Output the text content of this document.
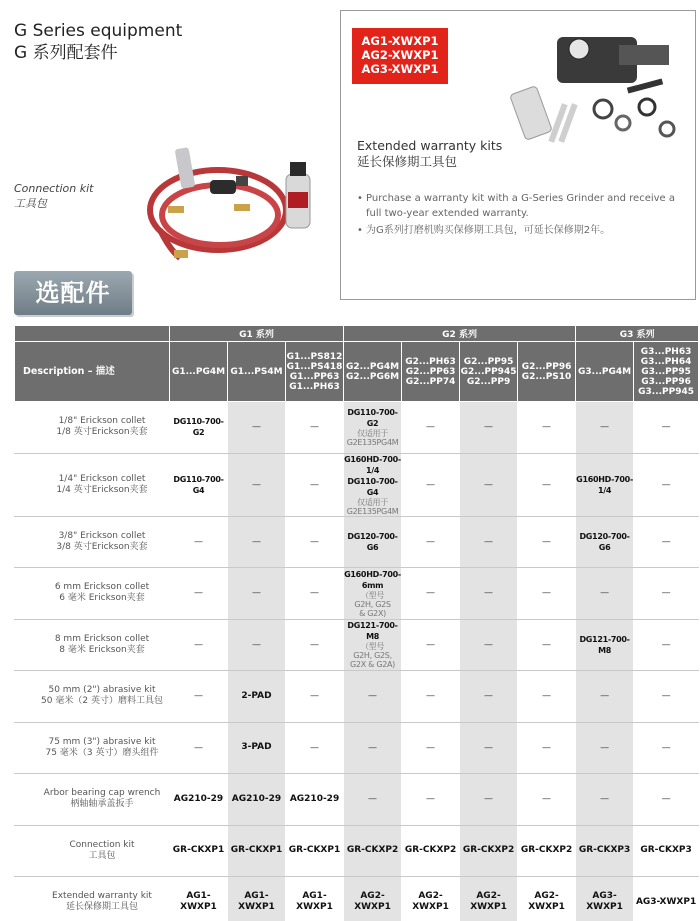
G Series equipment
G 系列配套件
Connection kit
工具包
AG1-XWXP1
AG2-XWXP1
AG3-XWXP1
Extended warranty kits
延长保修期工具包
• Purchase a warranty kit with a G-Series Grinder and receive a full two-year extended warranty.
• 为G系列打磨机购买保修期工具包，可延长保修期2年。
选配件
	G1 系列			G2 系列				G3 系列	
Description – 描述	G1...PG4M	G1...PS4M	G1...PS812
G1...PS418
G1...PP63
G1...PH63	G2...PG4M
G2...PG6M	G2...PH63
G2...PP63
G2...PP74	G2...PP95
G2...PP945
G2...PP9	G2...PP96
G2...PS10	G3...PG4M	G3...PH63
G3...PH64
G3...PP95
G3...PP96
G3...PP945

1/8" Erickson collet
1/8 英寸Erickson夹套	DG110-700-G2	—	—	DG110-700-G2
仅适用于
G2E135PG4M	—	—	—	—	—

1/4" Erickson collet
1/4 英寸Erickson夹套	DG110-700-G4	—	—	G160HD-700-1/4
DG110-700-G4
仅适用于
G2E135PG4M	—	—	—	G160HD-700-1/4	—

3/8" Erickson collet
3/8 英寸Erickson夹套	—	—	—	DG120-700-G6	—	—	—	DG120-700-G6	—

6 mm Erickson collet
6 毫米 Erickson夹套	—	—	—	G160HD-700-6mm
（型号
G2H, G2S
& G2X)	—	—	—	—	—

8 mm Erickson collet
8 毫米 Erickson夹套	—	—	—	DG121-700-M8
（型号
G2H, G2S,
G2X & G2A)	—	—	—	DG121-700-M8	—

50 mm (2") abrasive kit
50 毫米（2 英寸）磨料工具包	—	2-PAD	—	—	—	—	—	—	—

75 mm (3") abrasive kit
75 毫米（3 英寸）磨头组件	—	3-PAD	—	—	—	—	—	—	—

Arbor bearing cap wrench
柄轴轴承盖扳手	AG210-29	AG210-29	AG210-29	—	—	—	—	—	—

Connection kit
工具包	GR-CKXP1	GR-CKXP1	GR-CKXP1	GR-CKXP2	GR-CKXP2	GR-CKXP2	GR-CKXP2	GR-CKXP3	GR-CKXP3

Extended warranty kit
延长保修期工具包	AG1-XWXP1	AG1-XWXP1	AG1-XWXP1	AG2-XWXP1	AG2-XWXP1	AG2-XWXP1	AG2-XWXP1	AG3-XWXP1	AG3-XWXP1
